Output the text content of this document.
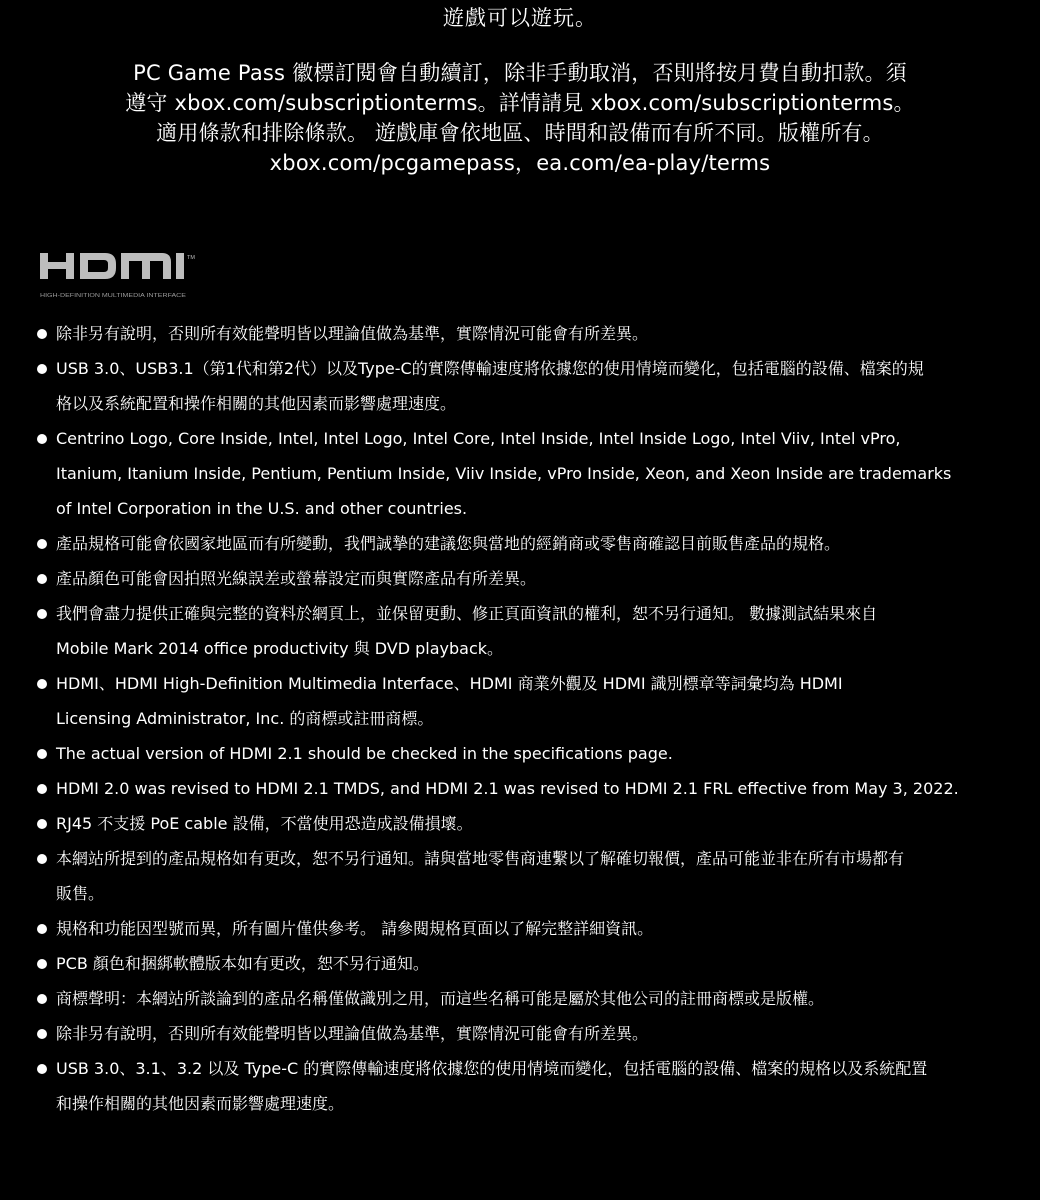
遊戲可以遊玩。
PC Game Pass 徽標訂閱會自動續訂，除非手動取消，否則將按月費自動扣款。須
遵守 xbox.com/subscriptionterms。詳情請見 xbox.com/subscriptionterms。
適用條款和排除條款。 遊戲庫會依地區、時間和設備而有所不同。版權所有。
xbox.com/pcgamepass，ea.com/ea-play/terms
TM
HIGH-DEFINITION MULTIMEDIA INTERFACE
除非另有說明，否則所有效能聲明皆以理論值做為基準，實際情況可能會有所差異。
USB 3.0、USB3.1（第1代和第2代）以及Type-C的實際傳輸速度將依據您的使用情境而變化，包括電腦的設備、檔案的規
格以及系統配置和操作相關的其他因素而影響處理速度。
Centrino Logo, Core Inside, Intel, Intel Logo, Intel Core, Intel Inside, Intel Inside Logo, Intel Viiv, Intel vPro,
Itanium, Itanium Inside, Pentium, Pentium Inside, Viiv Inside, vPro Inside, Xeon, and Xeon Inside are trademarks
of Intel Corporation in the U.S. and other countries.
產品規格可能會依國家地區而有所變動，我們誠摯的建議您與當地的經銷商或零售商確認目前販售產品的規格。
產品顏色可能會因拍照光線誤差或螢幕設定而與實際產品有所差異。
我們會盡力提供正確與完整的資料於網頁上，並保留更動、修正頁面資訊的權利，恕不另行通知。 數據測試結果來自
Mobile Mark 2014 office productivity 與 DVD playback。
HDMI、HDMI High-Definition Multimedia Interface、HDMI 商業外觀及 HDMI 識別標章等詞彙均為 HDMI
Licensing Administrator, Inc. 的商標或註冊商標。
The actual version of HDMI 2.1 should be checked in the specifications page.
HDMI 2.0 was revised to HDMI 2.1 TMDS, and HDMI 2.1 was revised to HDMI 2.1 FRL effective from May 3, 2022.
RJ45 不支援 PoE cable 設備，不當使用恐造成設備損壞。
本網站所提到的產品規格如有更改，恕不另行通知。請與當地零售商連繫以了解確切報價，產品可能並非在所有市場都有
販售。
規格和功能因型號而異，所有圖片僅供參考。 請參閱規格頁面以了解完整詳細資訊。
PCB 顏色和捆綁軟體版本如有更改，恕不另行通知。
商標聲明：本網站所談論到的產品名稱僅做識別之用，而這些名稱可能是屬於其他公司的註冊商標或是版權。
除非另有說明，否則所有效能聲明皆以理論值做為基準，實際情況可能會有所差異。
USB 3.0、3.1、3.2 以及 Type-C 的實際傳輸速度將依據您的使用情境而變化，包括電腦的設備、檔案的規格以及系統配置
和操作相關的其他因素而影響處理速度。
